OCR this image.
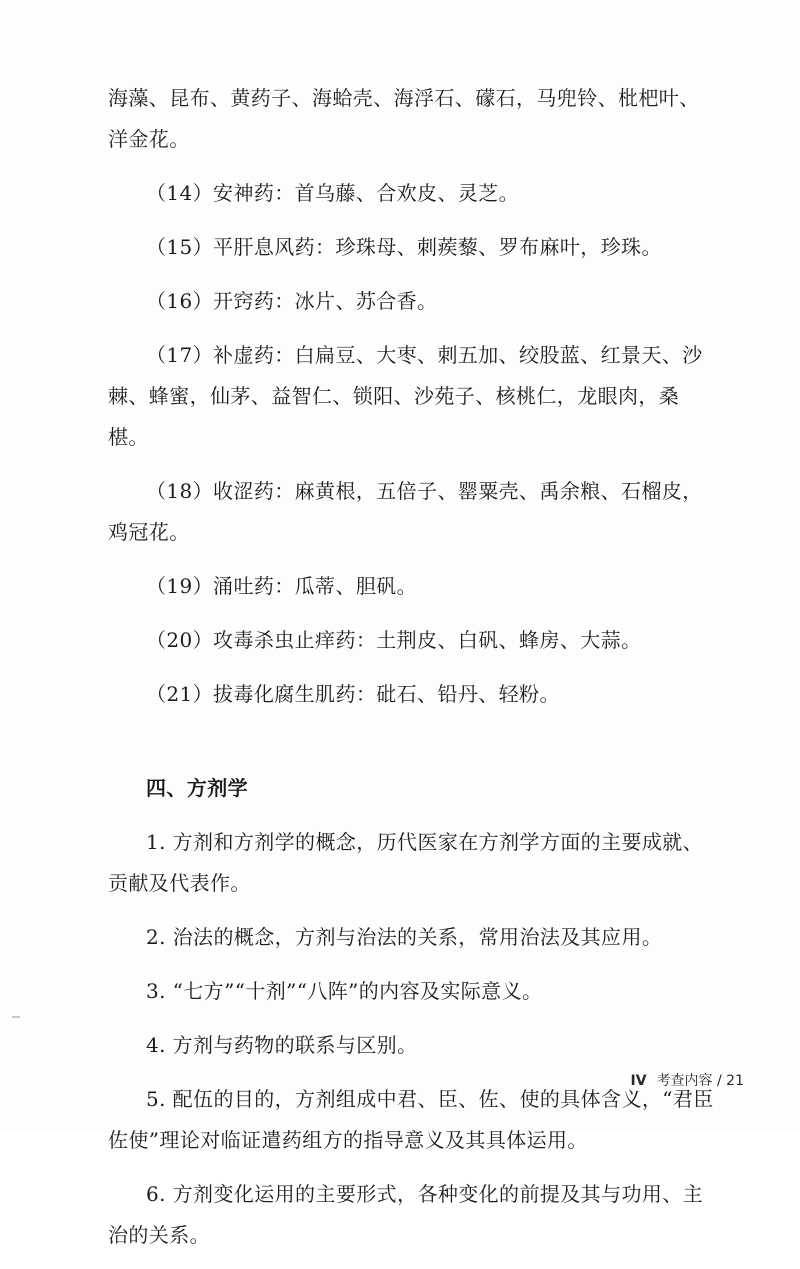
海藻、昆布、黄药子、海蛤壳、海浮石、礞石，马兜铃、枇杷叶、洋金花。

（14）安神药：首乌藤、合欢皮、灵芝。

（15）平肝息风药：珍珠母、刺蒺藜、罗布麻叶，珍珠。

（16）开窍药：冰片、苏合香。

（17）补虚药：白扁豆、大枣、刺五加、绞股蓝、红景天、沙棘、蜂蜜，仙茅、益智仁、锁阳、沙苑子、核桃仁，龙眼肉，桑椹。

（18）收涩药：麻黄根，五倍子、罂粟壳、禹余粮、石榴皮，鸡冠花。

（19）涌吐药：瓜蒂、胆矾。

（20）攻毒杀虫止痒药：土荆皮、白矾、蜂房、大蒜。

（21）拔毒化腐生肌药：砒石、铅丹、轻粉。

四、方剂学

1. 方剂和方剂学的概念，历代医家在方剂学方面的主要成就、贡献及代表作。

2. 治法的概念，方剂与治法的关系，常用治法及其应用。

3. “七方”“十剂”“八阵”的内容及实际意义。

4. 方剂与药物的联系与区别。

5. 配伍的目的，方剂组成中君、臣、佐、使的具体含义，“君臣佐使”理论对临证遣药组方的指导意义及其具体运用。

6. 方剂变化运用的主要形式，各种变化的前提及其与功用、主治的关系。

IV 考查内容 / 21
